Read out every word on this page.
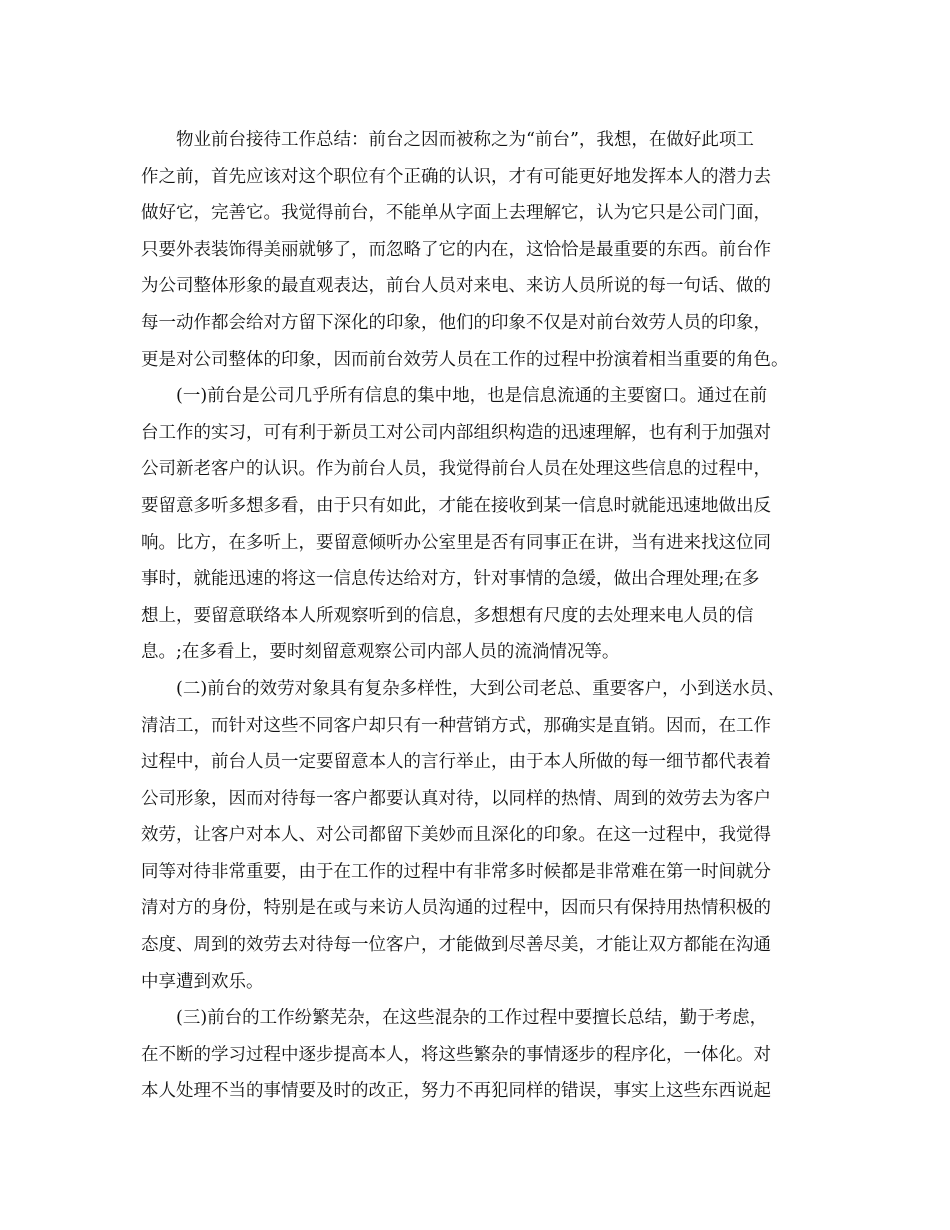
　　物业前台接待工作总结：前台之因而被称之为“前台”，我想，在做好此项工

作之前，首先应该对这个职位有个正确的认识，才有可能更好地发挥本人的潜力去

做好它，完善它。我觉得前台，不能单从字面上去理解它，认为它只是公司门面，

只要外表装饰得美丽就够了，而忽略了它的内在，这恰恰是最重要的东西。前台作

为公司整体形象的最直观表达，前台人员对来电、来访人员所说的每一句话、做的

每一动作都会给对方留下深化的印象，他们的印象不仅是对前台效劳人员的印象，

更是对公司整体的印象，因而前台效劳人员在工作的过程中扮演着相当重要的角色。

　　(一)前台是公司几乎所有信息的集中地，也是信息流通的主要窗口。通过在前

台工作的实习，可有利于新员工对公司内部组织构造的迅速理解，也有利于加强对

公司新老客户的认识。作为前台人员，我觉得前台人员在处理这些信息的过程中，

要留意多听多想多看，由于只有如此，才能在接收到某一信息时就能迅速地做出反

响。比方，在多听上，要留意倾听办公室里是否有同事正在讲，当有进来找这位同

事时，就能迅速的将这一信息传达给对方，针对事情的急缓，做出合理处理;在多

想上，要留意联络本人所观察听到的信息，多想想有尺度的去处理来电人员的信

息。;在多看上，要时刻留意观察公司内部人员的流淌情况等。

　　(二)前台的效劳对象具有复杂多样性，大到公司老总、重要客户，小到送水员、

清洁工，而针对这些不同客户却只有一种营销方式，那确实是直销。因而，在工作

过程中，前台人员一定要留意本人的言行举止，由于本人所做的每一细节都代表着

公司形象，因而对待每一客户都要认真对待，以同样的热情、周到的效劳去为客户

效劳，让客户对本人、对公司都留下美妙而且深化的印象。在这一过程中，我觉得

同等对待非常重要，由于在工作的过程中有非常多时候都是非常难在第一时间就分

清对方的身份，特别是在或与来访人员沟通的过程中，因而只有保持用热情积极的

态度、周到的效劳去对待每一位客户，才能做到尽善尽美，才能让双方都能在沟通

中享遭到欢乐。

　　(三)前台的工作纷繁芜杂，在这些混杂的工作过程中要擅长总结，勤于考虑，

在不断的学习过程中逐步提高本人，将这些繁杂的事情逐步的程序化，一体化。对

本人处理不当的事情要及时的改正，努力不再犯同样的错误，事实上这些东西说起
